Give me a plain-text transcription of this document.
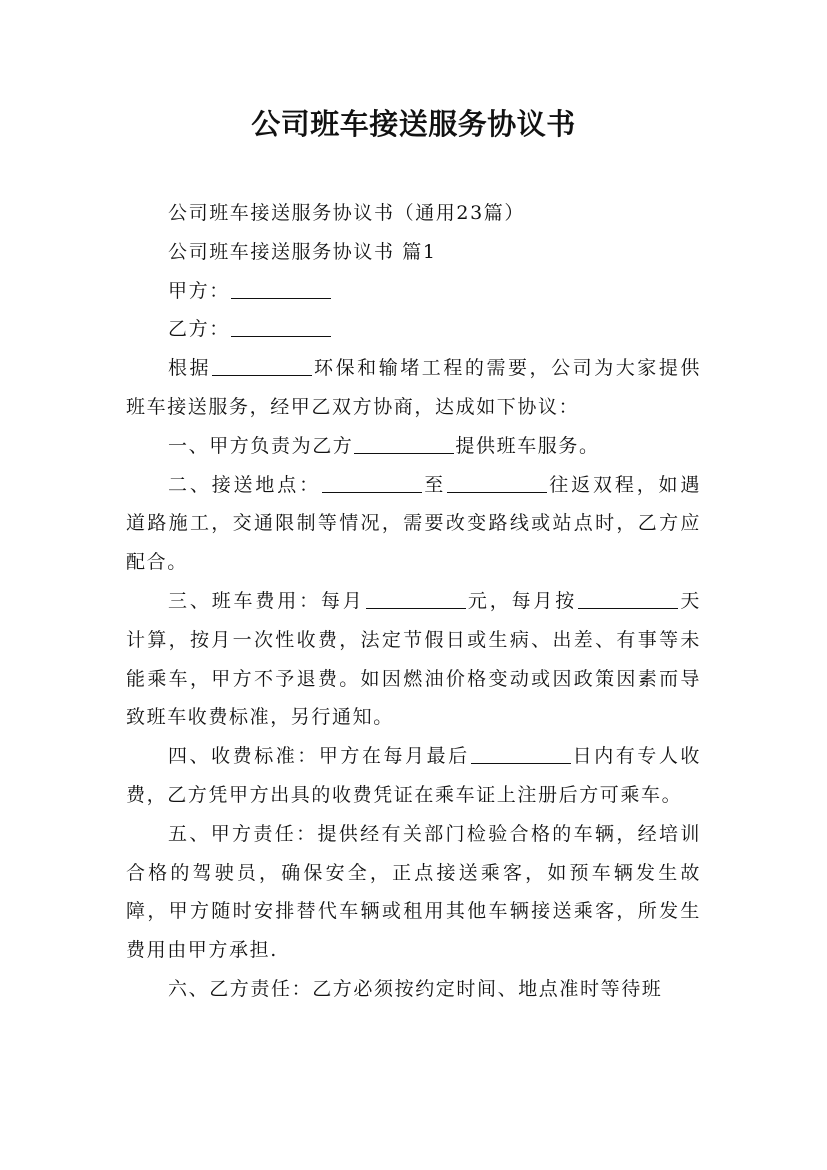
公司班车接送服务协议书

公司班车接送服务协议书（通用23篇）

公司班车接送服务协议书 篇1

甲方：

乙方：

根据	环保和输堵工程的需要，公司为大家提供班车接送服务，经甲乙双方协商，达成如下协议：

一、甲方负责为乙方	提供班车服务。

二、接送地点：	至	往返双程，如遇道路施工，交通限制等情况，需要改变路线或站点时，乙方应配合。

三、班车费用：每月	元，每月按	天计算，按月一次性收费，法定节假日或生病、出差、有事等未能乘车，甲方不予退费。如因燃油价格变动或因政策因素而导致班车收费标准，另行通知。

四、收费标准：甲方在每月最后	日内有专人收费，乙方凭甲方出具的收费凭证在乘车证上注册后方可乘车。

五、甲方责任：提供经有关部门检验合格的车辆，经培训合格的驾驶员，确保安全，正点接送乘客，如预车辆发生故障，甲方随时安排替代车辆或租用其他车辆接送乘客，所发生费用由甲方承担.

六、乙方责任：乙方必须按约定时间、地点准时等待班
